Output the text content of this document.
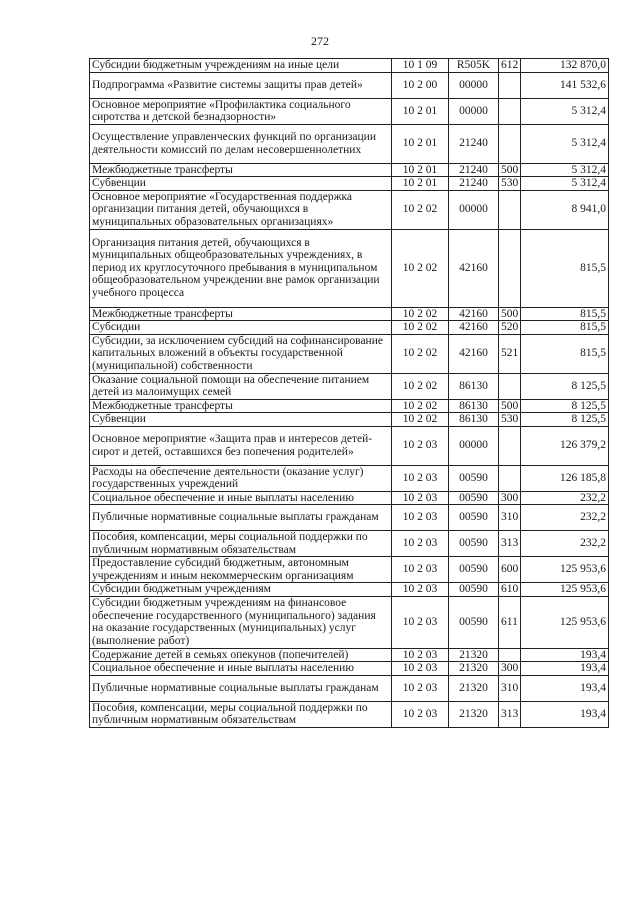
272
Субсидии бюджетным учреждениям на иные цели	10 1 09	R505K	612	132 870,0
Подпрограмма «Развитие системы защиты прав детей»	10 2 00	00000		141 532,6
Основное мероприятие «Профилактика социального сиротства и детской безнадзорности»	10 2 01	00000		5 312,4
Осуществление управленческих функций по организации деятельности комиссий по делам несовершеннолетних	10 2 01	21240		5 312,4
Межбюджетные трансферты	10 2 01	21240	500	5 312,4
Субвенции	10 2 01	21240	530	5 312,4
Основное мероприятие «Государственная поддержка организации питания детей, обучающихся в муниципальных образовательных организациях»	10 2 02	00000		8 941,0
Организация питания детей, обучающихся в муниципальных общеобразовательных учреждениях, в период их круглосуточного пребывания в муниципальном общеобразовательном учреждении вне рамок организации учебного процесса	10 2 02	42160		815,5
Межбюджетные трансферты	10 2 02	42160	500	815,5
Субсидии	10 2 02	42160	520	815,5
Субсидии, за исключением субсидий на софинансирование капитальных вложений в объекты государственной (муниципальной) собственности	10 2 02	42160	521	815,5
Оказание социальной помощи на обеспечение питанием детей из малоимущих семей	10 2 02	86130		8 125,5
Межбюджетные трансферты	10 2 02	86130	500	8 125,5
Субвенции	10 2 02	86130	530	8 125,5
Основное мероприятие «Защита прав и интересов детей-сирот и детей, оставшихся без попечения родителей»	10 2 03	00000		126 379,2
Расходы на обеспечение деятельности (оказание услуг) государственных учреждений	10 2 03	00590		126 185,8
Социальное обеспечение и иные выплаты населению	10 2 03	00590	300	232,2
Публичные нормативные социальные выплаты гражданам	10 2 03	00590	310	232,2
Пособия, компенсации, меры социальной поддержки по публичным нормативным обязательствам	10 2 03	00590	313	232,2
Предоставление субсидий бюджетным, автономным учреждениям и иным некоммерческим организациям	10 2 03	00590	600	125 953,6
Субсидии бюджетным учреждениям	10 2 03	00590	610	125 953,6
Субсидии бюджетным учреждениям на финансовое обеспечение государственного (муниципального) задания на оказание государственных (муниципальных) услуг (выполнение работ)	10 2 03	00590	611	125 953,6
Содержание детей в семьях опекунов (попечителей)	10 2 03	21320		193,4
Социальное обеспечение и иные выплаты населению	10 2 03	21320	300	193,4
Публичные нормативные социальные выплаты гражданам	10 2 03	21320	310	193,4
Пособия, компенсации, меры социальной поддержки по публичным нормативным обязательствам	10 2 03	21320	313	193,4
